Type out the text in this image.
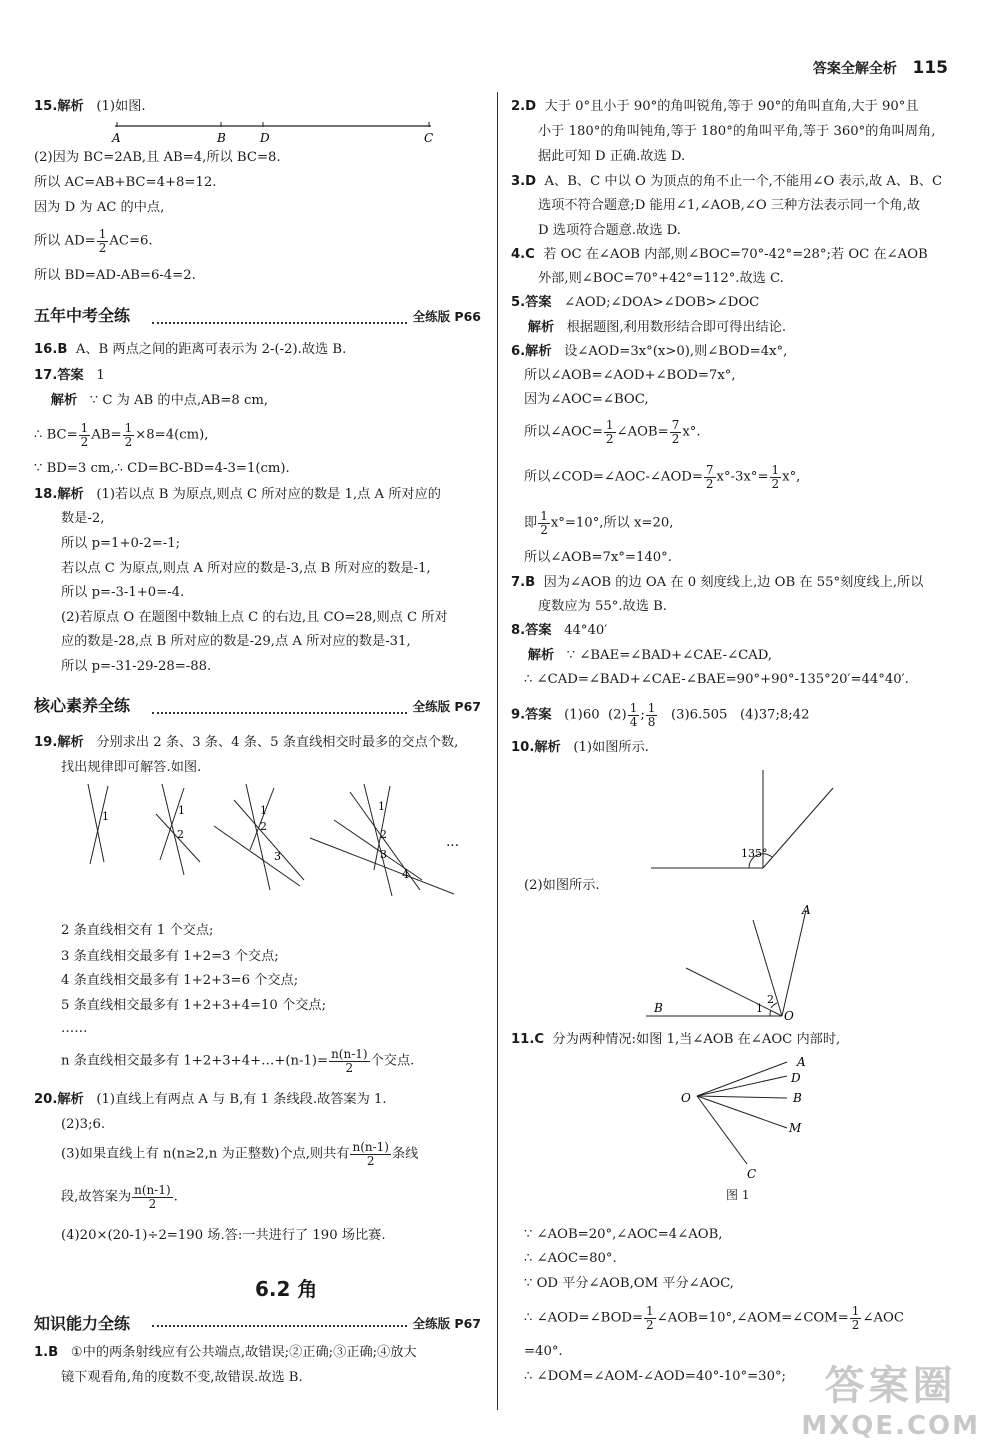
答案全解全析 115
15.解析 (1)如图.
A	B	D	C
(2)因为 BC=2AB,且 AB=4,所以 BC=8.
所以 AC=AB+BC=4+8=12.
因为 D 为 AC 的中点,
所以 $AD= \frac{1}{2} AC=6$.
所以 BD=AD-AB=6-4=2.
五年中考全练	全练版 P66
16.B A、B 两点之间的距离可表示为 2-(-2).故选 B.
17.答案 1
解析 ∵ C 为 AB 的中点,AB=8 cm,
∴ $BC= \frac{1}{2} AB= \frac{1}{2} \times 8=4(cm)$,
∵ BD=3 cm,∴ CD=BC-BD=4-3=1(cm).
18.解析 (1)若以点 B 为原点,则点 C 所对应的数是 1,点 A 所对应的
数是-2,
所以 p=1+0-2=-1;
若以点 C 为原点,则点 A 所对应的数是-3,点 B 所对应的数是-1,
所以 p=-3-1+0=-4.
(2)若原点 O 在题图中数轴上点 C 的右边,且 CO=28,则点 C 所对
应的数是-28,点 B 所对应的数是-29,点 A 所对应的数是-31,
所以 p=-31-29-28=-88.
核心素养全练	全练版 P67
19.解析 分别求出 2 条、3 条、4 条、5 条直线相交时最多的交点个数,
找出规律即可解答.如图.
1	1
2
1
2
3
1
2
3
4
…
2 条直线相交有 1 个交点;
3 条直线相交最多有 1+2=3 个交点;
4 条直线相交最多有 1+2+3=6 个交点;
5 条直线相交最多有 1+2+3+4=10 个交点;
……
n 条直线相交最多有 1+2+3+4+…+(n-1)= $\frac{n(n-1)}{2}$ 个交点.
20.解析 (1)直线上有两点 A 与 B,有 1 条线段.故答案为 1.
(2)3;6.
(3)如果直线上有 n(n≥2,n 为正整数)个点,则共有 $\frac{n(n-1)}{2}$ 条线
段,故答案为 $\frac{n(n-1)}{2}$ .
(4)20×(20-1)÷2=190 场.答:一共进行了 190 场比赛.
1.B ①中的两条射线应有公共端点,故错误;②正确;③正确;④放大
镜下观看角,角的度数不变,故错误.故选 B.
6.2 角
知识能力全练	全练版 P67
2.D 大于 0°且小于 90°的角叫锐角,等于 90°的角叫直角,大于 90°且
小于 180°的角叫钝角,等于 180°的角叫平角,等于 360°的角叫周角,
据此可知 D 正确.故选 D.
3.D A、B、C 中以 O 为顶点的角不止一个,不能用∠O 表示,故 A、B、C
选项不符合题意;D 能用∠1,∠AOB,∠O 三种方法表示同一个角,故
D 选项符合题意.故选 D.
4.C 若 OC 在∠AOB 内部,则∠BOC=70°-42°=28°;若 OC 在∠AOB
外部,则∠BOC=70°+42°=112°.故选 C.
5.答案 ∠AOD;∠DOA>∠DOB>∠DOC
解析 根据题图,利用数形结合即可得出结论.
6.解析 设∠AOD=3x°(x>0),则∠BOD=4x°,
所以∠AOB=∠AOD+∠BOD=7x°,
因为∠AOC=∠BOC,
所以∠AOC= $\frac{1}{2}$ ∠AOB= $\frac{7}{2} x^\circ$.
所以∠COD=∠AOC-∠AOD= $\frac{7}{2} x^\circ-3x^\circ= \frac{1}{2} x^\circ$,
即 $\frac{1}{2} x^\circ=10^\circ$,所以 x=20,
所以∠AOB=7x°=140°.
7.B 因为∠AOB 的边 OA 在 0 刻度线上,边 OB 在 55°刻度线上,所以
度数应为 55°.故选 B.
8.答案 44°40′
解析 ∵ ∠BAE=∠BAD+∠CAE-∠CAD,
∴ ∠CAD=∠BAD+∠CAE-∠BAE=90°+90°-135°20′=44°40′.
9.答案 (1)60 $(2) \frac{1}{4}$ ; $\frac{1}{8} (3)6.505$ (4)37;8;42
10.解析 (1)如图所示.
135°
(2)如图所示.
A
B
O
1
2
11.C 分为两种情况:如图 1,当∠AOB 在∠AOC 内部时,
O
A
D
B
M
C
图 1
∵ ∠AOB=20°,∠AOC=4∠AOB,
∴ ∠AOC=80°.
∵ OD 平分∠AOB,OM 平分∠AOC,
∴ ∠AOD=∠BOD= $\frac{1}{2}$ ∠AOB=10°,∠AOM=∠COM= $\frac{1}{2}$ ∠AOC
=40°.
∴ ∠DOM=∠AOM-∠AOD=40°-10°=30°; 答案圈
MXQE.COM
